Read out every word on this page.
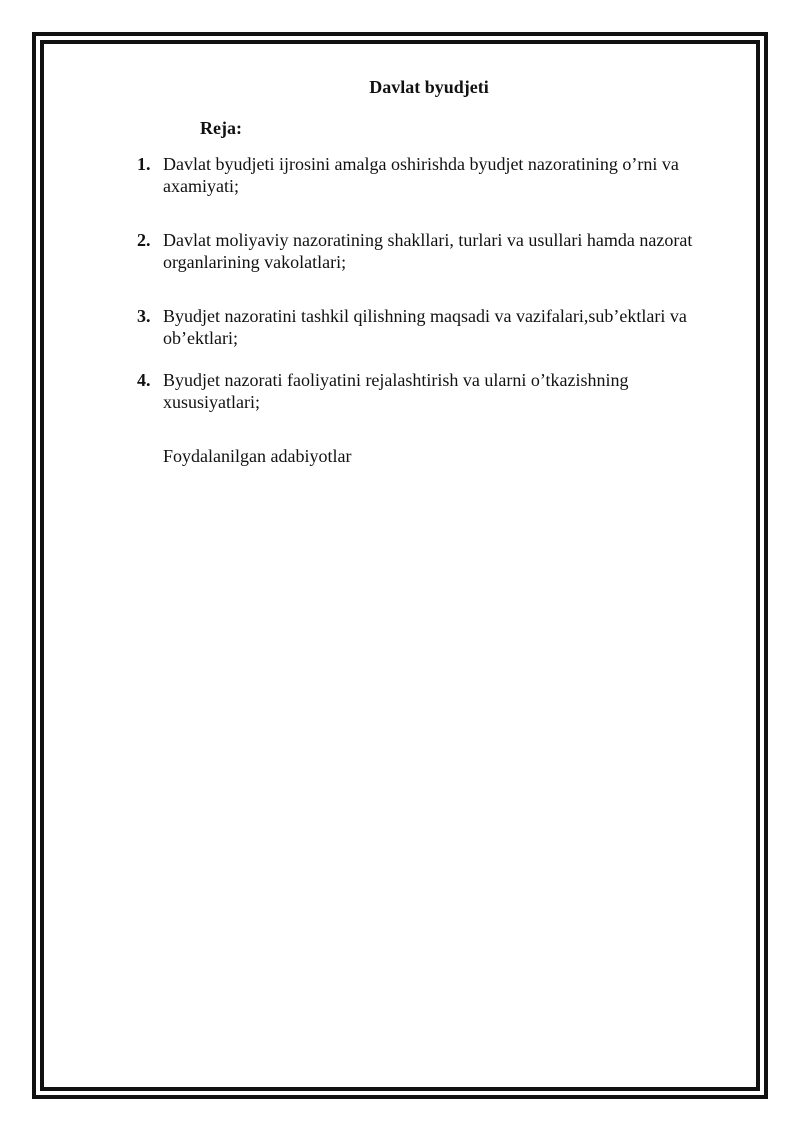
Davlat byudjeti
Reja:
1. Davlat byudjeti ijrosini amalga oshirishda byudjet nazoratining o’rni va axamiyati;
2. Davlat moliyaviy nazoratining shakllari, turlari va usullari hamda nazorat organlarining vakolatlari;
3. Byudjet nazoratini tashkil qilishning maqsadi va vazifalari,sub’ektlari va ob’ektlari;
4. Byudjet nazorati faoliyatini rejalashtirish va ularni o’tkazishning xususiyatlari;

Foydalanilgan adabiyotlar
